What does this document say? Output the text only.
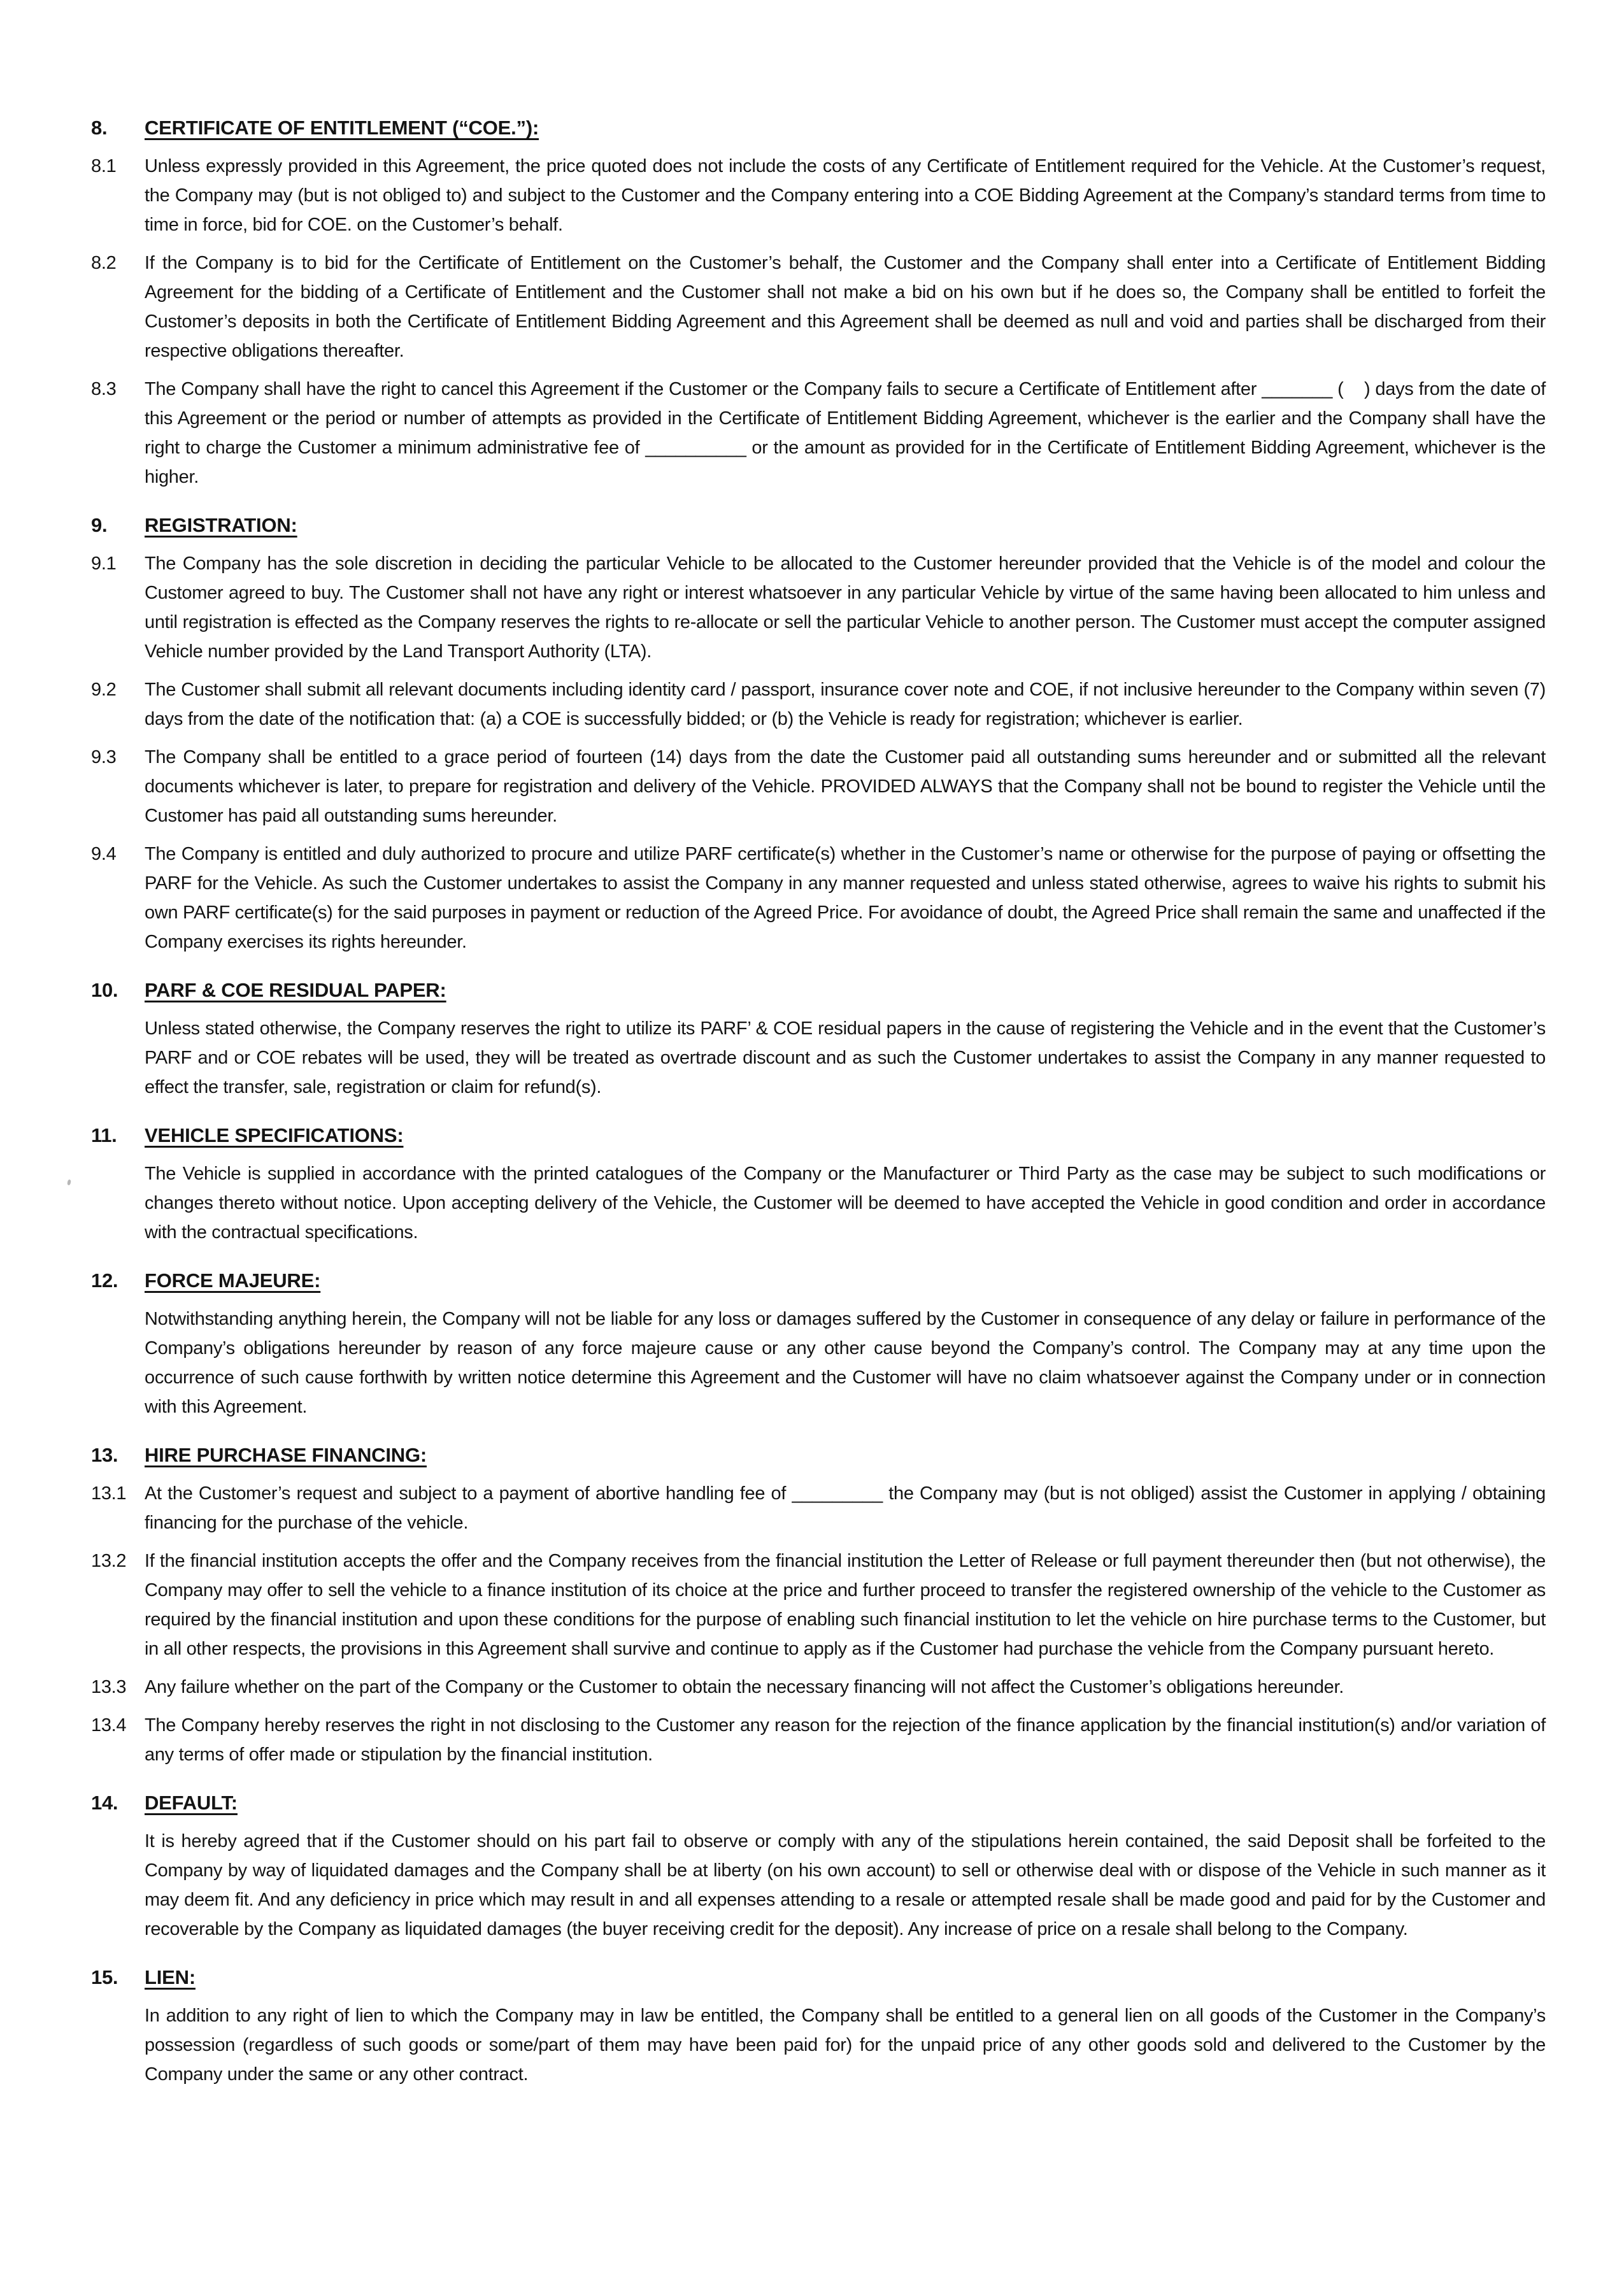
8.	CERTIFICATE OF ENTITLEMENT (“COE.”):
8.1	Unless expressly provided in this Agreement, the price quoted does not include the costs of any Certificate of Entitlement required for the Vehicle. At the Customer’s request, the Company may (but is not obliged to) and subject to the Customer and the Company entering into a COE Bidding Agreement at the Company’s standard terms from time to time in force, bid for COE. on the Customer’s behalf.

8.2	If the Company is to bid for the Certificate of Entitlement on the Customer’s behalf, the Customer and the Company shall enter into a Certificate of Entitlement Bidding Agreement for the bidding of a Certificate of Entitlement and the Customer shall not make a bid on his own but if he does so, the Company shall be entitled to forfeit the Customer’s deposits in both the Certificate of Entitlement Bidding Agreement and this Agreement shall be deemed as null and void and parties shall be discharged from their respective obligations thereafter.

8.3	The Company shall have the right to cancel this Agreement if the Customer or the Company fails to secure a Certificate of Entitlement after _______ (    ) days from the date of this Agreement or the period or number of attempts as provided in the Certificate of Entitlement Bidding Agreement, whichever is the earlier and the Company shall have the right to charge the Customer a minimum administrative fee of __________ or the amount as provided for in the Certificate of Entitlement Bidding Agreement, whichever is the higher.

9.	REGISTRATION:
9.1	The Company has the sole discretion in deciding the particular Vehicle to be allocated to the Customer hereunder provided that the Vehicle is of the model and colour the Customer agreed to buy. The Customer shall not have any right or interest whatsoever in any particular Vehicle by virtue of the same having been allocated to him unless and until registration is effected as the Company reserves the rights to re-allocate or sell the particular Vehicle to another person. The Customer must accept the computer assigned Vehicle number provided by the Land Transport Authority (LTA).

9.2	The Customer shall submit all relevant documents including identity card / passport, insurance cover note and COE, if not inclusive hereunder to the Company within seven (7) days from the date of the notification that: (a) a COE is successfully bidded; or (b) the Vehicle is ready for registration; whichever is earlier.

9.3	The Company shall be entitled to a grace period of fourteen (14) days from the date the Customer paid all outstanding sums hereunder and or submitted all the relevant documents whichever is later, to prepare for registration and delivery of the Vehicle. PROVIDED ALWAYS that the Company shall not be bound to register the Vehicle until the Customer has paid all outstanding sums hereunder.

9.4	The Company is entitled and duly authorized to procure and utilize PARF certificate(s) whether in the Customer’s name or otherwise for the purpose of paying or offsetting the PARF for the Vehicle. As such the Customer undertakes to assist the Company in any manner requested and unless stated otherwise, agrees to waive his rights to submit his own PARF certificate(s) for the said purposes in payment or reduction of the Agreed Price. For avoidance of doubt, the Agreed Price shall remain the same and unaffected if the Company exercises its rights hereunder.

10.	PARF & COE RESIDUAL PAPER:

Unless stated otherwise, the Company reserves the right to utilize its PARF’ & COE residual papers in the cause of registering the Vehicle and in the event that the Customer’s PARF and or COE rebates will be used, they will be treated as overtrade discount and as such the Customer undertakes to assist the Company in any manner requested to effect the transfer, sale, registration or claim for refund(s).

11.	VEHICLE SPECIFICATIONS:

The Vehicle is supplied in accordance with the printed catalogues of the Company or the Manufacturer or Third Party as the case may be subject to such modifications or changes thereto without notice. Upon accepting delivery of the Vehicle, the Customer will be deemed to have accepted the Vehicle in good condition and order in accordance with the contractual specifications.

12.	FORCE MAJEURE:

Notwithstanding anything herein, the Company will not be liable for any loss or damages suffered by the Customer in consequence of any delay or failure in performance of the Company’s obligations hereunder by reason of any force majeure cause or any other cause beyond the Company’s control. The Company may at any time upon the occurrence of such cause forthwith by written notice determine this Agreement and the Customer will have no claim whatsoever against the Company under or in connection with this Agreement.

13.	HIRE PURCHASE FINANCING:
13.1 At the Customer’s request and subject to a payment of abortive handling fee of _________ the Company may (but is not obliged) assist the Customer in applying / obtaining financing for the purchase of the vehicle.

13.2 If the financial institution accepts the offer and the Company receives from the financial institution the Letter of Release or full payment thereunder then (but not otherwise), the Company may offer to sell the vehicle to a finance institution of its choice at the price and further proceed to transfer the registered ownership of the vehicle to the Customer as required by the financial institution and upon these conditions for the purpose of enabling such financial institution to let the vehicle on hire purchase terms to the Customer, but in all other respects, the provisions in this Agreement shall survive and continue to apply as if the Customer had purchase the vehicle from the Company pursuant hereto.

13.3 Any failure whether on the part of the Company or the Customer to obtain the necessary financing will not affect the Customer’s obligations hereunder.

13.4 The Company hereby reserves the right in not disclosing to the Customer any reason for the rejection of the finance application by the financial institution(s) and/or variation of any terms of offer made or stipulation by the financial institution.

14.	DEFAULT:

It is hereby agreed that if the Customer should on his part fail to observe or comply with any of the stipulations herein contained, the said Deposit shall be forfeited to the Company by way of liquidated damages and the Company shall be at liberty (on his own account) to sell or otherwise deal with or dispose of the Vehicle in such manner as it may deem fit. And any deficiency in price which may result in and all expenses attending to a resale or attempted resale shall be made good and paid for by the Customer and recoverable by the Company as liquidated damages (the buyer receiving credit for the deposit). Any increase of price on a resale shall belong to the Company.

15.	LIEN:

In addition to any right of lien to which the Company may in law be entitled, the Company shall be entitled to a general lien on all goods of the Customer in the Company’s possession (regardless of such goods or some/part of them may have been paid for) for the unpaid price of any other goods sold and delivered to the Customer by the Company under the same or any other contract.
